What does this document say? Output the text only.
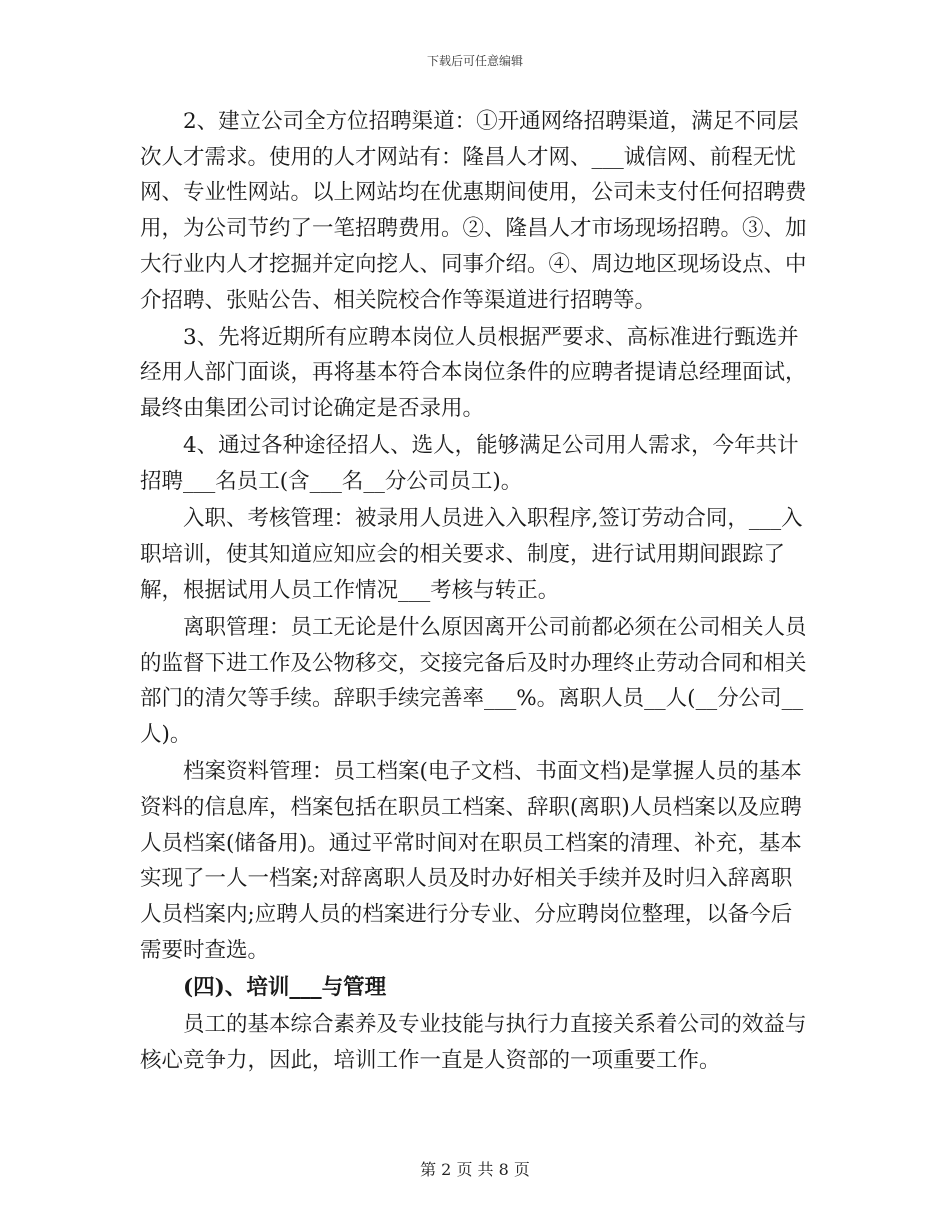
下载后可任意编辑

2、建立公司全方位招聘渠道：①开通网络招聘渠道，满足不同层次人才需求。使用的人才网站有：隆昌人才网、___诚信网、前程无忧网、专业性网站。以上网站均在优惠期间使用，公司未支付任何招聘费用，为公司节约了一笔招聘费用。②、隆昌人才市场现场招聘。③、加大行业内人才挖掘并定向挖人、同事介绍。④、周边地区现场设点、中介招聘、张贴公告、相关院校合作等渠道进行招聘等。

3、先将近期所有应聘本岗位人员根据严要求、高标准进行甄选并经用人部门面谈，再将基本符合本岗位条件的应聘者提请总经理面试，最终由集团公司讨论确定是否录用。

4、通过各种途径招人、选人，能够满足公司用人需求，今年共计招聘___名员工(含___名__分公司员工)。

入职、考核管理：被录用人员进入入职程序,签订劳动合同，___入职培训，使其知道应知应会的相关要求、制度，进行试用期间跟踪了解，根据试用人员工作情况___考核与转正。

离职管理：员工无论是什么原因离开公司前都必须在公司相关人员的监督下进工作及公物移交，交接完备后及时办理终止劳动合同和相关部门的清欠等手续。辞职手续完善率___%。离职人员__人(__分公司__人)。

档案资料管理：员工档案(电子文档、书面文档)是掌握人员的基本资料的信息库，档案包括在职员工档案、辞职(离职)人员档案以及应聘人员档案(储备用)。通过平常时间对在职员工档案的清理、补充，基本实现了一人一档案;对辞离职人员及时办好相关手续并及时归入辞离职人员档案内;应聘人员的档案进行分专业、分应聘岗位整理，以备今后需要时查选。

(四)、培训___与管理

员工的基本综合素养及专业技能与执行力直接关系着公司的效益与核心竞争力，因此，培训工作一直是人资部的一项重要工作。

第 2 页 共 8 页
